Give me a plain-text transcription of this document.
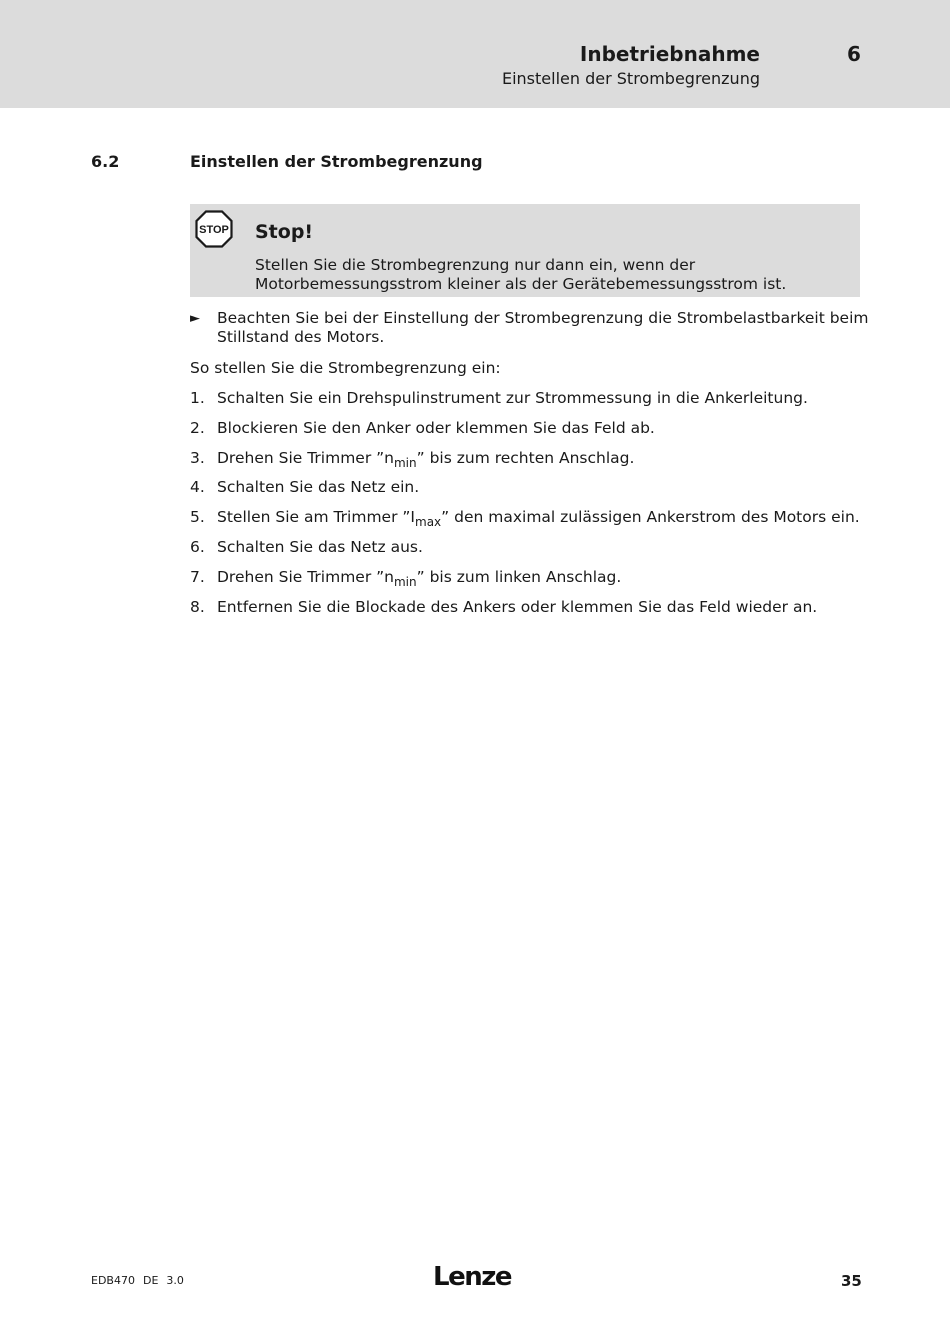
Inbetriebnahme	6
Einstellen der Strombegrenzung
6.2	Einstellen der Strombegrenzung
STOP Stop!
Stellen Sie die Strombegrenzung nur dann ein, wenn der
Motorbemessungsstrom kleiner als der Gerätebemessungsstrom ist.
► Beachten Sie bei der Einstellung der Strombegrenzung die Strombelastbarkeit beim
Stillstand des Motors.
So stellen Sie die Strombegrenzung ein:
1. Schalten Sie ein Drehspulinstrument zur Strommessung in die Ankerleitung.
2. Blockieren Sie den Anker oder klemmen Sie das Feld ab.
3. Drehen Sie Trimmer $”n_{min}$” bis zum rechten Anschlag.
4. Schalten Sie das Netz ein.
5. Stellen Sie am Trimmer $”I_{max}$” den maximal zulässigen Ankerstrom des Motors ein.
6. Schalten Sie das Netz aus.
7. Drehen Sie Trimmer $”n_{min}$” bis zum linken Anschlag.
8. Entfernen Sie die Blockade des Ankers oder klemmen Sie das Feld wieder an.
EDB470 DE 3.0	Lenze	35
